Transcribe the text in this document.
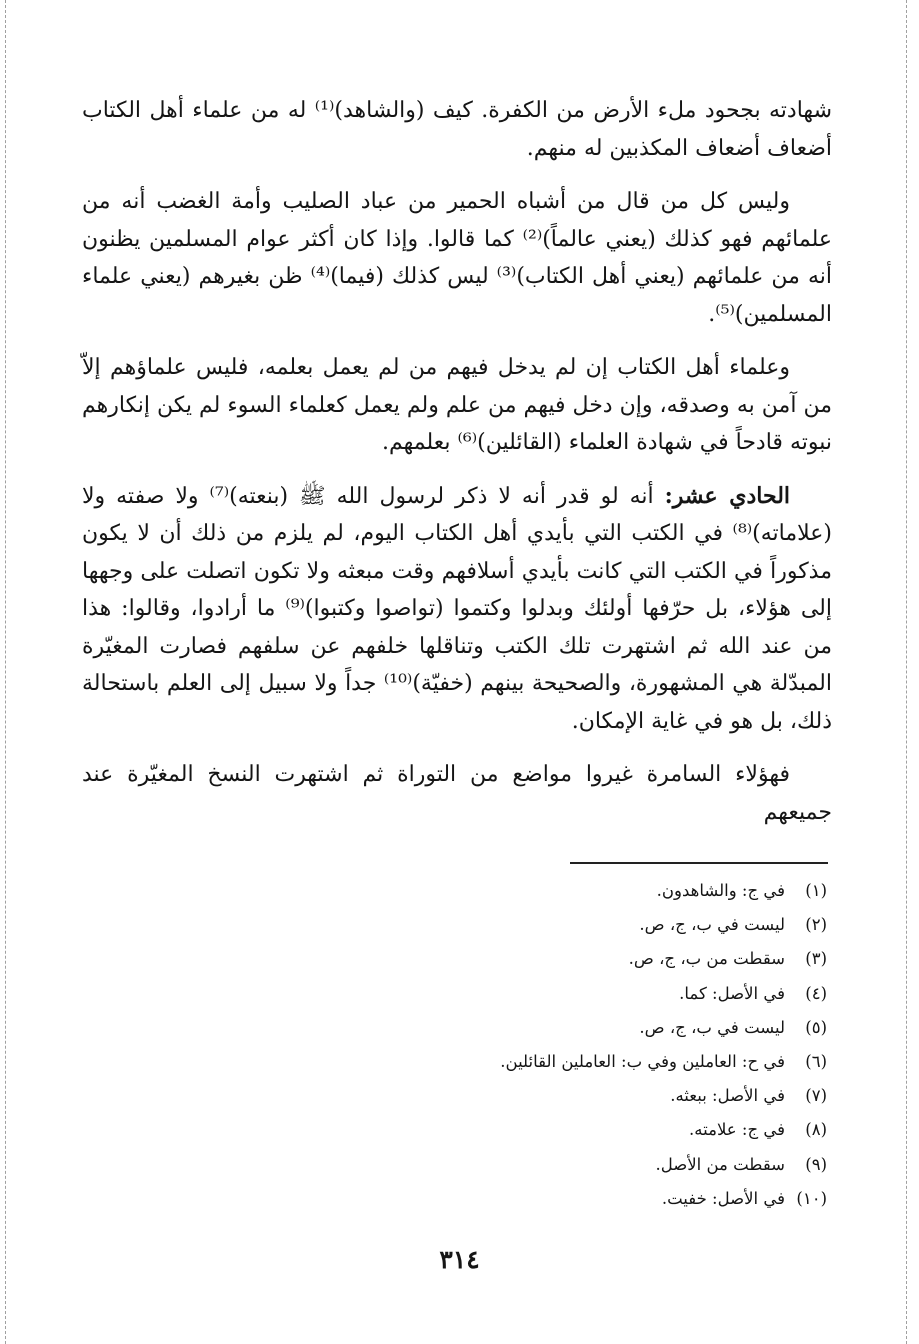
شهادته بجحود ملء الأرض من الكفرة. كيف (والشاهد)⁽¹⁾ له من علماء أهل الكتاب أضعاف أضعاف المكذبين له منهم.

وليس كل من قال من أشباه الحمير من عباد الصليب وأمة الغضب أنه من علمائهم فهو كذلك (يعني عالماً)⁽²⁾ كما قالوا. وإذا كان أكثر عوام المسلمين يظنون أنه من علمائهم (يعني أهل الكتاب)⁽³⁾ ليس كذلك (فيما)⁽⁴⁾ ظن بغيرهم (يعني علماء المسلمين)⁽⁵⁾.

وعلماء أهل الكتاب إن لم يدخل فيهم من لم يعمل بعلمه، فليس علماؤهم إلاّ من آمن به وصدقه، وإن دخل فيهم من علم ولم يعمل كعلماء السوء لم يكن إنكارهم نبوته قادحاً في شهادة العلماء (القائلين)⁽⁶⁾ بعلمهم.

الحادي عشر: أنه لو قدر أنه لا ذكر لرسول الله ﷺ (بنعته)⁽⁷⁾ ولا صفته ولا (علاماته)⁽⁸⁾ في الكتب التي بأيدي أهل الكتاب اليوم، لم يلزم من ذلك أن لا يكون مذكوراً في الكتب التي كانت بأيدي أسلافهم وقت مبعثه ولا تكون اتصلت على وجهها إلى هؤلاء، بل حرّفها أولئك وبدلوا وكتموا (تواصوا وكتبوا)⁽⁹⁾ ما أرادوا، وقالوا: هذا من عند الله ثم اشتهرت تلك الكتب وتناقلها خلفهم عن سلفهم فصارت المغيّرة المبدّلة هي المشهورة، والصحيحة بينهم (خفيّة)⁽¹⁰⁾ جداً ولا سبيل إلى العلم باستحالة ذلك، بل هو في غاية الإمكان.

فهؤلاء السامرة غيروا مواضع من التوراة ثم اشتهرت النسخ المغيّرة عند جميعهم

(١)في ج: والشاهدون.
(٢)ليست في ب، ج، ص.
(٣)سقطت من ب، ج، ص.
(٤)في الأصل: كما.
(٥)ليست في ب، ج، ص.
(٦)في ح: العاملين وفي ب: العاملين القائلين.
(٧)في الأصل: ببعثه.
(٨)في ج: علامته.
(٩)سقطت من الأصل.
(١٠)في الأصل: خفيت.
٣١٤
